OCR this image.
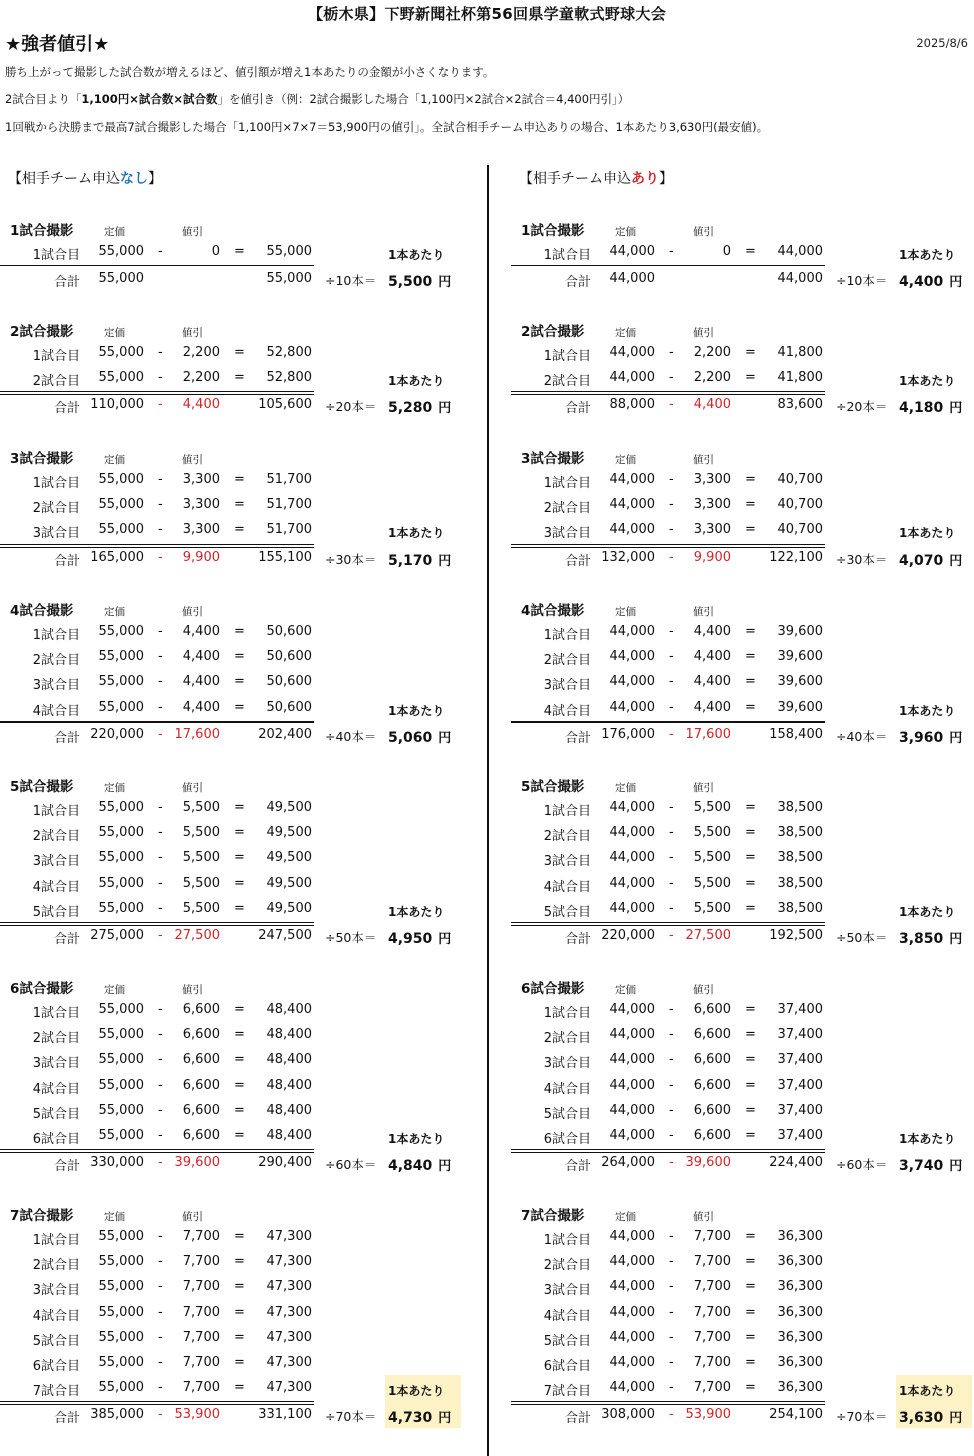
【栃木県】下野新聞社杯第56回県学童軟式野球大会
★強者値引★	2025/8/6
勝ち上がって撮影した試合数が増えるほど、値引額が増え1本あたりの金額が小さくなります。
2試合目より「1,100円×試合数×試合数」を値引き（例：2試合撮影した場合「1,100円×2試合×2試合＝4,400円引」）
1回戦から決勝まで最高7試合撮影した場合「1,100円×7×7＝53,900円の値引」。全試合相手チーム申込ありの場合、1本あたり3,630円(最安値)。
【相手チーム申込なし】
1試合撮影	定価	値引
1試合目 55,000 -	0 = 55,000	1本あたり
合計 55,000	55,000 ÷10本＝ 5,500 円
2試合撮影	定価	値引
1試合目 55,000 - 2,200 = 52,800
2試合目 55,000 - 2,200 = 52,800	1本あたり
合計 110,000 - 4,400	105,600 ÷20本＝ 5,280 円
3試合撮影	定価	値引
1試合目 55,000 - 3,300 = 51,700
2試合目 55,000 - 3,300 = 51,700
3試合目 55,000 - 3,300 = 51,700	1本あたり
合計 165,000 - 9,900	155,100 ÷30本＝ 5,170 円
4試合撮影	定価	値引
1試合目 55,000 - 4,400 = 50,600
2試合目 55,000 - 4,400 = 50,600
3試合目 55,000 - 4,400 = 50,600
4試合目 55,000 - 4,400 = 50,600	1本あたり
合計 220,000 - 17,600	202,400 ÷40本＝ 5,060 円
5試合撮影	定価	値引
1試合目 55,000 - 5,500 = 49,500
2試合目 55,000 - 5,500 = 49,500
3試合目 55,000 - 5,500 = 49,500
4試合目 55,000 - 5,500 = 49,500
5試合目 55,000 - 5,500 = 49,500	1本あたり
合計 275,000 - 27,500	247,500 ÷50本＝ 4,950 円
6試合撮影	定価	値引
1試合目 55,000 - 6,600 = 48,400
2試合目 55,000 - 6,600 = 48,400
3試合目 55,000 - 6,600 = 48,400
4試合目 55,000 - 6,600 = 48,400
5試合目 55,000 - 6,600 = 48,400
6試合目 55,000 - 6,600 = 48,400	1本あたり
合計 330,000 - 39,600	290,400 ÷60本＝ 4,840 円
7試合撮影	定価	値引
1試合目 55,000 - 7,700 = 47,300
2試合目 55,000 - 7,700 = 47,300
3試合目 55,000 - 7,700 = 47,300
4試合目 55,000 - 7,700 = 47,300
5試合目 55,000 - 7,700 = 47,300
6試合目 55,000 - 7,700 = 47,300
7試合目 55,000 - 7,700 = 47,300	1本あたり
合計 385,000 - 53,900	331,100 ÷70本＝ 4,730 円
【相手チーム申込あり】
1試合撮影	定価	値引
1試合目 44,000 -	0 = 44,000	1本あたり
合計 44,000	44,000 ÷10本＝ 4,400 円
2試合撮影	定価	値引
1試合目 44,000 - 2,200 = 41,800
2試合目 44,000 - 2,200 = 41,800	1本あたり
合計 88,000 - 4,400	83,600 ÷20本＝ 4,180 円
3試合撮影	定価	値引
1試合目 44,000 - 3,300 = 40,700
2試合目 44,000 - 3,300 = 40,700
3試合目 44,000 - 3,300 = 40,700	1本あたり
合計 132,000 - 9,900	122,100 ÷30本＝ 4,070 円
4試合撮影	定価	値引
1試合目 44,000 - 4,400 = 39,600
2試合目 44,000 - 4,400 = 39,600
3試合目 44,000 - 4,400 = 39,600
4試合目 44,000 - 4,400 = 39,600	1本あたり
合計 176,000 - 17,600	158,400 ÷40本＝ 3,960 円
5試合撮影	定価	値引
1試合目 44,000 - 5,500 = 38,500
2試合目 44,000 - 5,500 = 38,500
3試合目 44,000 - 5,500 = 38,500
4試合目 44,000 - 5,500 = 38,500
5試合目 44,000 - 5,500 = 38,500	1本あたり
合計 220,000 - 27,500	192,500 ÷50本＝ 3,850 円
6試合撮影	定価	値引
1試合目 44,000 - 6,600 = 37,400
2試合目 44,000 - 6,600 = 37,400
3試合目 44,000 - 6,600 = 37,400
4試合目 44,000 - 6,600 = 37,400
5試合目 44,000 - 6,600 = 37,400
6試合目 44,000 - 6,600 = 37,400	1本あたり
合計 264,000 - 39,600	224,400 ÷60本＝ 3,740 円
7試合撮影	定価	値引
1試合目 44,000 - 7,700 = 36,300
2試合目 44,000 - 7,700 = 36,300
3試合目 44,000 - 7,700 = 36,300
4試合目 44,000 - 7,700 = 36,300
5試合目 44,000 - 7,700 = 36,300
6試合目 44,000 - 7,700 = 36,300
7試合目 44,000 - 7,700 = 36,300	1本あたり
合計 308,000 - 53,900	254,100 ÷70本＝ 3,630 円
